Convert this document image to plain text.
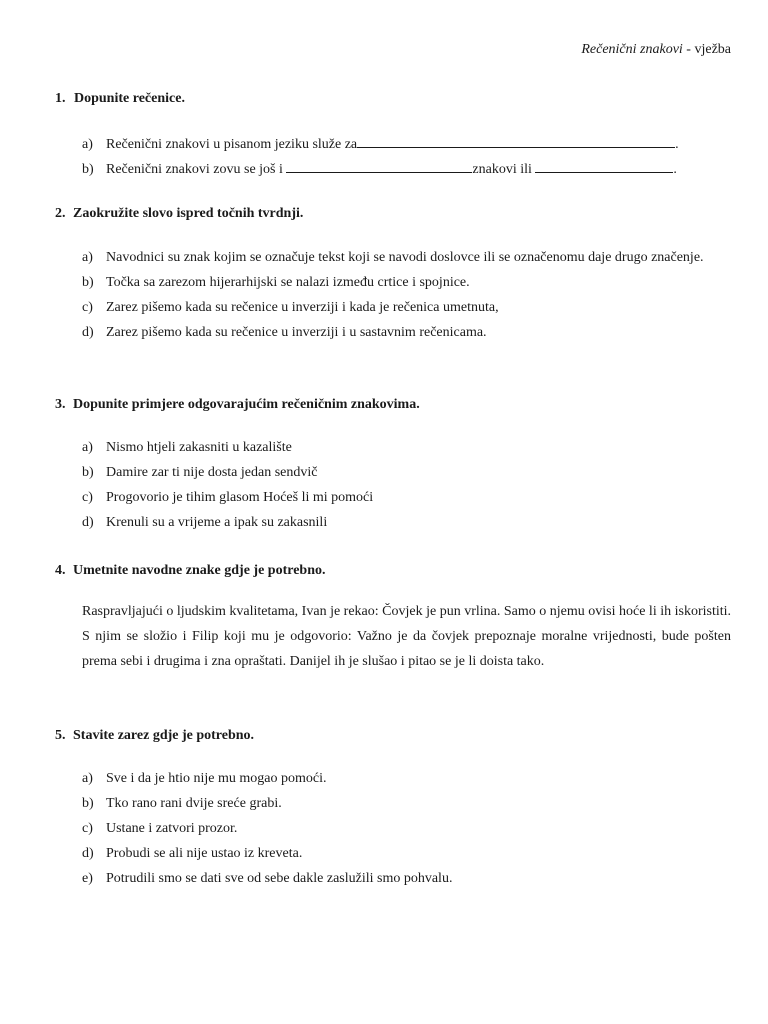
Rečenični znakovi - vježba
1. Dopunite rečenice.
a) Rečenični znakovi u pisanom jeziku služe za	.
b) Rečenični znakovi zovu se još i	znakovi ili	.
2. Zaokružite slovo ispred točnih tvrdnji.
a) Navodnici su znak kojim se označuje tekst koji se navodi doslovce ili se označenomu daje drugo značenje.
b) Točka sa zarezom hijerarhijski se nalazi između crtice i spojnice.
c) Zarez pišemo kada su rečenice u inverziji i kada je rečenica umetnuta,
d) Zarez pišemo kada su rečenice u inverziji i u sastavnim rečenicama.
3. Dopunite primjere odgovarajućim rečeničnim znakovima.
a) Nismo htjeli zakasniti u kazalište
b) Damire zar ti nije dosta jedan sendvič
c) Progovorio je tihim glasom Hoćeš li mi pomoći
d) Krenuli su a vrijeme a ipak su zakasnili
4. Umetnite navodne znake gdje je potrebno.
Raspravljajući o ljudskim kvalitetama, Ivan je rekao: Čovjek je pun vrlina. Samo o njemu ovisi hoće li ih iskoristiti. S njim se složio i Filip koji mu je odgovorio: Važno je da čovjek prepoznaje moralne vrijednosti, bude pošten prema sebi i drugima i zna opraštati. Danijel ih je slušao i pitao se je li doista tako.
5. Stavite zarez gdje je potrebno.
a) Sve i da je htio nije mu mogao pomoći.
b) Tko rano rani dvije sreće grabi.
c) Ustane i zatvori prozor.
d) Probudi se ali nije ustao iz kreveta.
e) Potrudili smo se dati sve od sebe dakle zaslužili smo pohvalu.
